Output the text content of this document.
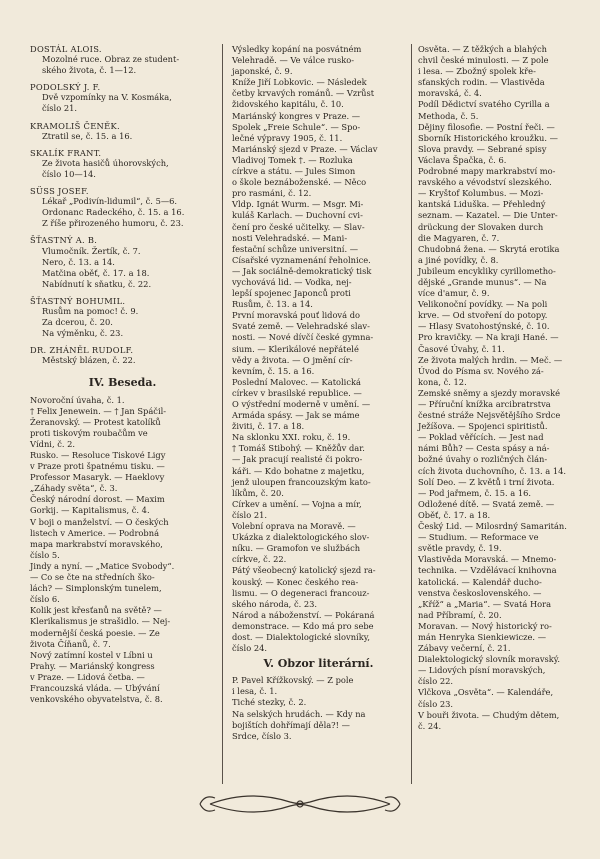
DOSTÁL ALOIS.
Mozolné ruce. Obraz ze student-
ského života, č. 1—12.
PODOLSKÝ J. F.
Dvě vzpomínky na V. Kosmáka,
číslo 21.
KRAMOLIŠ ČENĚK.
Ztratil se, č. 15. a 16.
SKALÍK FRANT.
Ze života hasičů úhorovských,
číslo 10—14.
SÜSS JOSEF.
Lékař „Podivín-lidumil“, č. 5—6.
Ordonanc Radeckého, č. 15. a 16.
Z říše přirozeného humoru, č. 23.
ŠŤASTNÝ A. B.
Vlumočník. Žertík, č. 7.
Nero, č. 13. a 14.
Matčina oběť, č. 17. a 18.
Nabídnutí k sňatku, č. 22.
ŠŤASTNÝ BOHUMIL.
Rusům na pomoc! č. 9.
Za dcerou, č. 20.
Na výměnku, č. 23.
DR. ZHÁNĚL RUDOLF.
Městský blázen, č. 22.
IV. Beseda.
Novoroční úvaha, č. 1.
† Felix Jenewein. — † Jan Spáčil-
Žeranovský. — Protest katolíků
proti tiskovým roubačům ve
Vídni, č. 2.
Rusko. — Resoluce Tiskové Ligy
v Praze proti špatnému tisku. —
Professor Masaryk. — Haeklovy
„Záhady světa“, č. 3.
Český národní dorost. — Maxim
Gorkij. — Kapitalismus, č. 4.
V boji o manželství. — O českých
listech v Americe. — Podrobná
mapa markrabství moravského,
číslo 5.
Jindy a nyní. — „Matice Svobody“.
— Co se čte na středních ško-
lách? — Simplonským tunelem,
číslo 6.
Kolik jest křesťanů na světě? —
Klerikalismus je strašidlo. — Nej-
modernější česká poesie. — Ze
života Číňanů, č. 7.
Nový zatímní kostel v Líbni u
Prahy. — Mariánský kongress
v Praze. — Lidová četba. —
Francouzská vláda. — Ubývání
venkovského obyvatelstva, č. 8.
Výsledky kopání na posvátném
Velehradě. — Ve válce rusko-
japonské, č. 9.
Kníže Jiří Lobkovic. — Následek
četby krvavých románů. — Vzrůst
židovského kapitálu, č. 10.
Mariánský kongres v Praze. —
Spolek „Freie Schule“. — Spo-
lečné výpravy 1905, č. 11.
Mariánský sjezd v Praze. — Václav
Vladivoj Tomek †. — Rozluka
církve a státu. — Jules Simon
o škole beznáboženské. — Něco
pro rasmáni, č. 12.
Vldp. Ignát Wurm. — Msgr. Mi-
kuláš Karlach. — Duchovní cvi-
čení pro české učitelky. — Slav-
nosti Velehradské. — Mani-
festační schůze universitní. —
Císařské vyznamenání řeholnice.
— Jak sociálně-demokratický tisk
vychovává lid. — Vodka, nej-
lepší spojenec Japonců proti
Rusům, č. 13. a 14.
První moravská pouť lidová do
Svaté země. — Velehradské slav-
nosti. — Nové dívčí české gymna-
sium. — Klerikálové nepřátelé
vědy a života. — O jmění cír-
kevním, č. 15. a 16.
Poslední Malovec. — Katolická
církev v brasilské republice. —
O výstřední moderně v umění. —
Armáda spásy. — Jak se máme
živiti, č. 17. a 18.
Na sklonku XXI. roku, č. 19.
† Tomáš Stibohý. — Kněžův dar.
— Jak pracují realisté či pokro-
káři. — Kdo bohatne z majetku,
jenž uloupen francouzským kato-
líkům, č. 20.
Církev a umění. — Vojna a mír,
číslo 21.
Volební oprava na Moravě. —
Ukázka z dialektologického slov-
níku. — Gramofon ve službách
církve, č. 22.
Pátý všeobecný katolický sjezd ra-
kouský. — Konec českého rea-
lismu. — O degeneraci francouz-
ského národa, č. 23.
Národ a náboženství. — Pokáraná
demonstrace. — Kdo má pro sebe
dost. — Dialektologické slovníky,
číslo 24.
V. Obzor literární.
P. Pavel Křížkovský. — Z pole
i lesa, č. 1.
Tiché stezky, č. 2.
Na selských hrudách. — Kdy na
bojištích dohřímají děla?! —
Srdce, číslo 3.
Osvěta. — Z těžkých a blahých
chvil české minulosti. — Z pole
i lesa. — Zbožný spolek kře-
sťanských rodin. — Vlastivěda
moravská, č. 4.
Podíl Dědictví svatého Cyrilla a
Methoda, č. 5.
Dějiny filosofie. — Postní řeči. —
Sborník Historického kroužku. —
Slova pravdy. — Sebrané spisy
Václava Špačka, č. 6.
Podrobné mapy markrabství mo-
ravského a vévodství slezského.
— Kryštof Kolumbus. — Mozi-
kantská Liduška. — Přehledný
seznam. — Kazatel. — Die Unter-
drückung der Slovaken durch
die Magyaren, č. 7.
Chudobná žena. — Skrytá erotika
a jiné povídky, č. 8.
Jubileum encykliky cyrillometho-
dějské „Grande munus“. — Na
více d'amur, č. 9.
Velikonoční povídky. — Na poli
krve. — Od stvoření do potopy.
— Hlasy Svatohostýnské, č. 10.
Pro kravičky. — Na kraji Hané. —
Časové Úvahy, č. 11.
Ze života malých hrdin. — Meč. —
Úvod do Písma sv. Nového zá-
kona, č. 12.
Zemské sněmy a sjezdy moravské
— Příruční knížka arcibratrstva
čestné stráže Nejsvětějšího Srdce
Ježíšova. — Spojenci spiritistů.
— Poklad věřících. — Jest nad
námi Bůh? — Cesta spásy a ná-
božné úvahy o rozličných člán-
cích života duchovního, č. 13. a 14.
Solí Deo. — Z květů i trní života.
— Pod jařmem, č. 15. a 16.
Odložené dítě. — Svatá země. —
Oběť, č. 17. a 18.
Český Lid. — Milosrdný Samaritán.
— Studium. — Reformace ve
světle pravdy, č. 19.
Vlastivěda Moravská. — Mnemo-
technika. — Vzdělávací knihovna
katolická. — Kalendář ducho-
venstva československého. —
„Kříž“ a „Maria“. — Svatá Hora
nad Příbramí, č. 20.
Moravan. — Nový historický ro-
mán Henryka Sienkiewicze. —
Zábavy večerní, č. 21.
Dialektologický slovník moravský.
— Lidových písní moravských,
číslo 22.
Vlčkova „Osvěta“. — Kalendáře,
číslo 23.
V bouři života. — Chudým dětem,
č. 24.
